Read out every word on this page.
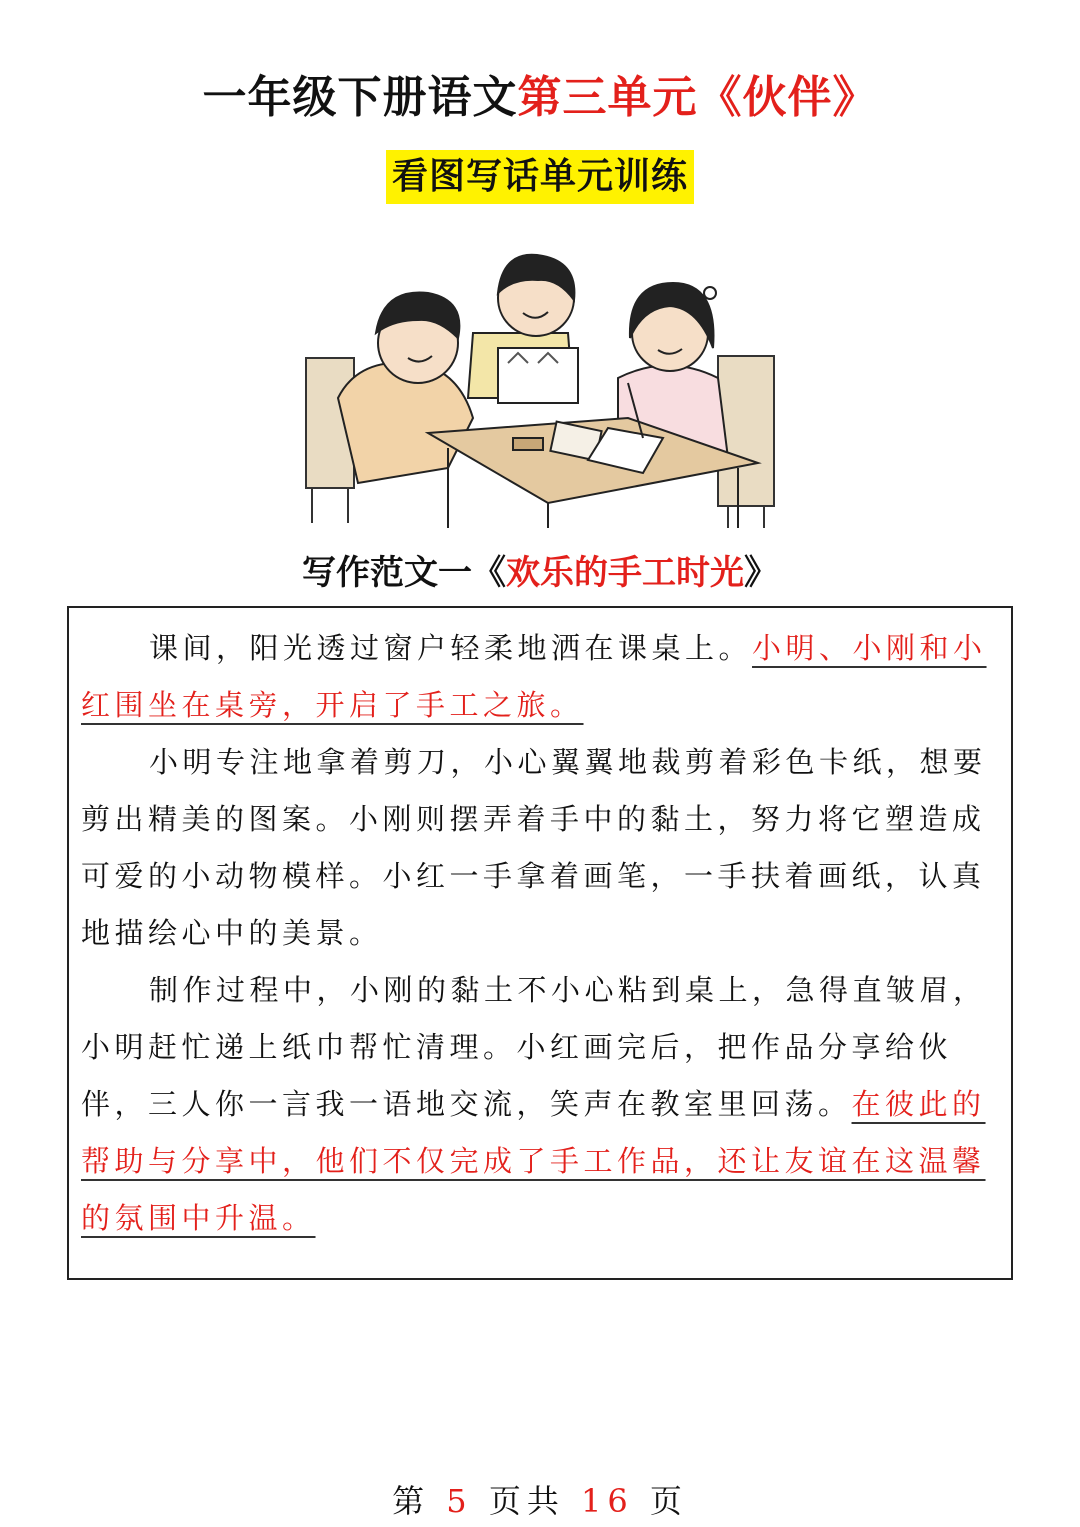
一年级下册语文第三单元《伙伴》
看图写话单元训练
写作范文一《欢乐的手工时光》

课间，阳光透过窗户轻柔地洒在课桌上。小明、小刚和小红围坐在桌旁，开启了手工之旅。

小明专注地拿着剪刀，小心翼翼地裁剪着彩色卡纸，想要剪出精美的图案。小刚则摆弄着手中的黏土，努力将它塑造成可爱的小动物模样。小红一手拿着画笔，一手扶着画纸，认真地描绘心中的美景。

制作过程中，小刚的黏土不小心粘到桌上，急得直皱眉，小明赶忙递上纸巾帮忙清理。小红画完后，把作品分享给伙伴，三人你一言我一语地交流，笑声在教室里回荡。在彼此的帮助与分享中，他们不仅完成了手工作品，还让友谊在这温馨的氛围中升温。

第 5 页共 16 页
